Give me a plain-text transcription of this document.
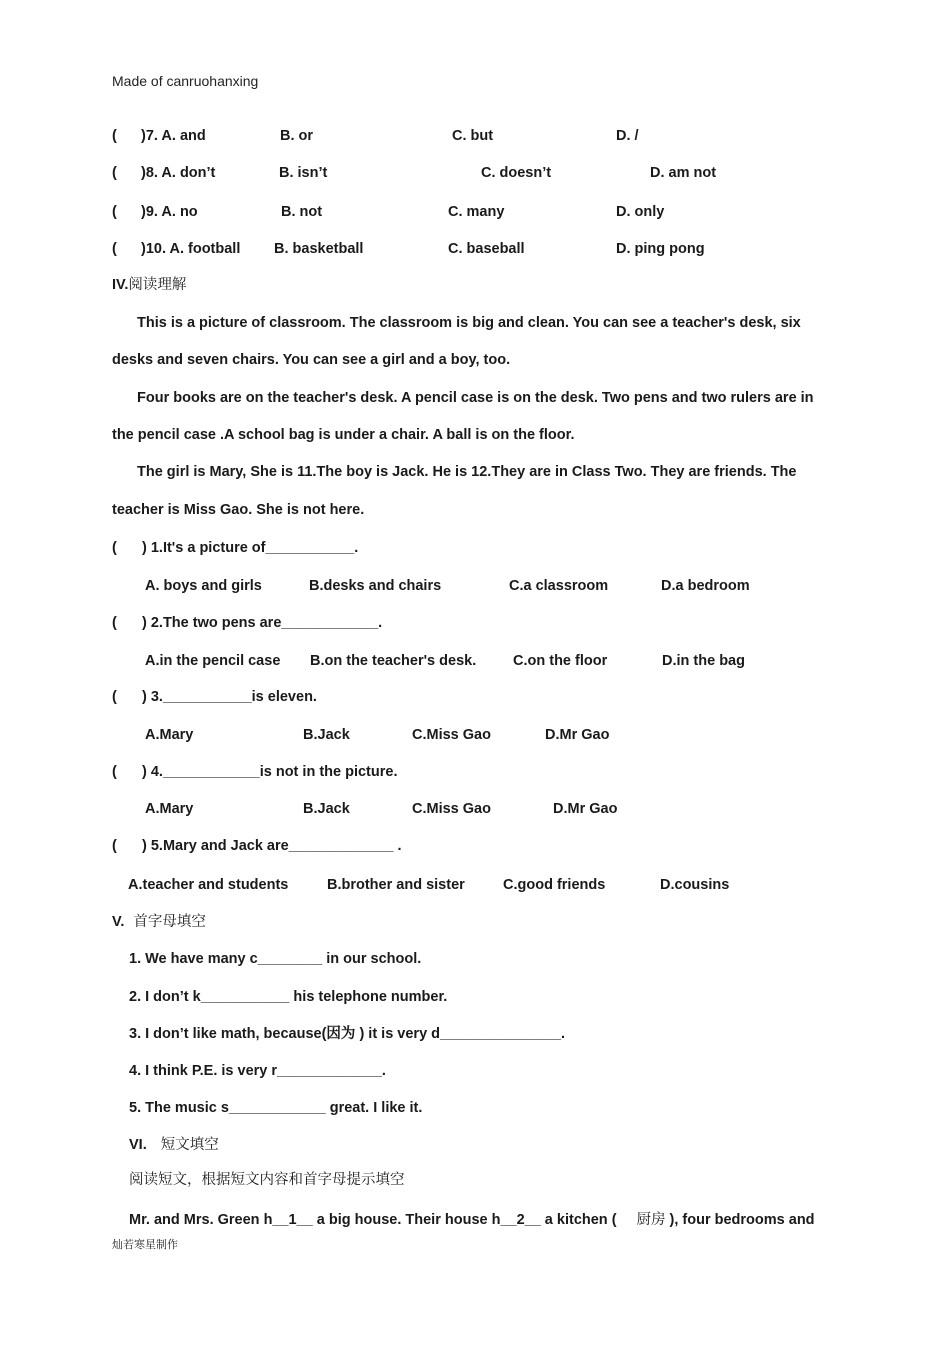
Made of canruohanxing
( )7. A. and	B. or	C. but	D. /
( )8. A. don’t	B. isn’t	C. doesn’t	D. am not
( )9. A. no	B. not	C. many	D. only
( )10. A. football B. basketball	C. baseball	D. ping pong
IV.阅读理解
This is a picture of classroom. The classroom is big and clean. You can see a teacher's desk, six
desks and seven chairs. You can see a girl and a boy, too.
Four books are on the teacher's desk. A pencil case is on the desk. Two pens and two rulers are in
the pencil case .A school bag is under a chair. A ball is on the floor.
The girl is Mary, She is 11.The boy is Jack. He is 12.They are in Class Two. They are friends. The
teacher is Miss Gao. She is not here.
( ) 1.It's a picture of___________.
A. boys and girls	B.desks and chairs	C.a classroom	D.a bedroom
( ) 2.The two pens are____________.
A.in the pencil case B.on the teacher's desk.	C.on the floor	D.in the bag
( ) 3.___________is eleven.
A.Mary	B.Jack	C.Miss Gao	D.Mr Gao
( ) 4.____________is not in the picture.
A.Mary	B.Jack	C.Miss Gao	D.Mr Gao
( ) 5.Mary and Jack are_____________ .
A.teacher and students	B.brother and sister	C.good friends	D.cousins
V. 首字母填空
1. We have many c________ in our school.
2. I don’t k___________ his telephone number.
3. I don’t like math, because(因为 ) it is very d_______________.
4. I think P.E. is very r_____________.
5. The music s____________ great. I like it.
VI. 短文填空
阅读短文，根据短文内容和首字母提示填空
Mr. and Mrs. Green h__1__ a big house. Their house h__2__ a kitchen ( 厨房 ), four bedrooms and
灿若寒星制作
